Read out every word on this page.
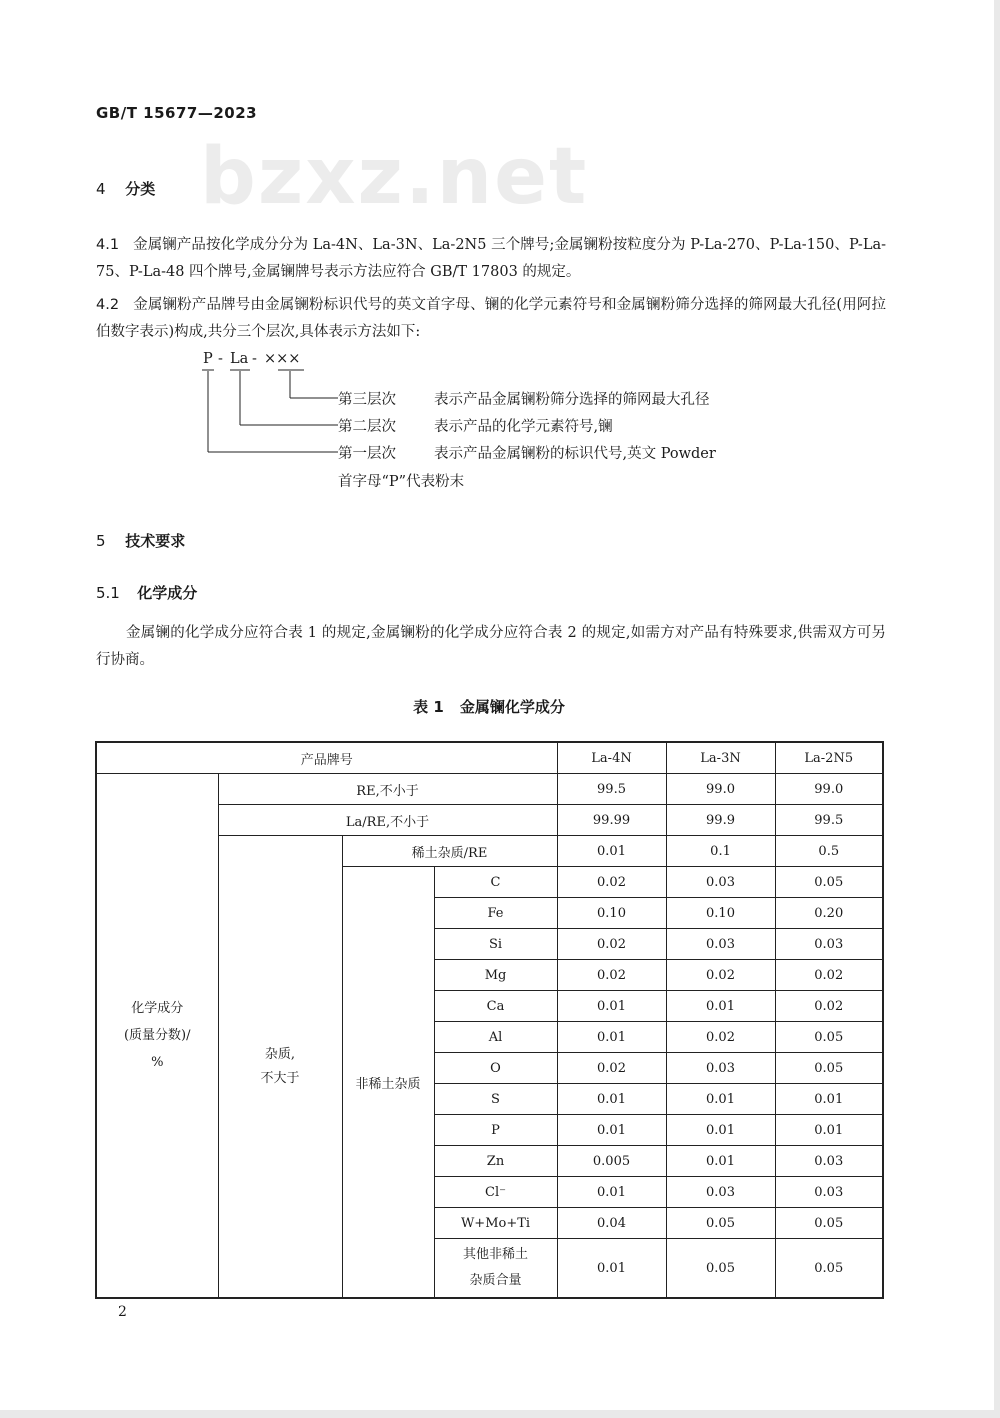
bzxz.net
GB/T 15677—2023
4 分类
4.1 金属镧产品按化学成分分为 La-4N、La-3N、La-2N5 三个牌号;金属镧粉按粒度分为 P-La-270、P-La-150、P-La-75、P-La-48 四个牌号,金属镧牌号表示方法应符合 GB/T 17803 的规定。
4.2 金属镧粉产品牌号由金属镧粉标识代号的英文首字母、镧的化学元素符号和金属镧粉筛分选择的筛网最大孔径(用阿拉伯数字表示)构成,共分三个层次,具体表示方法如下:
P - La - ×××
第三层次	表示产品金属镧粉筛分选择的筛网最大孔径
第二层次	表示产品的化学元素符号,镧
第一层次	表示产品金属镧粉的标识代号,英文 Powder
首字母“P”代表粉末
5 技术要求
5.1 化学成分
金属镧的化学成分应符合表 1 的规定,金属镧粉的化学成分应符合表 2 的规定,如需方对产品有特殊要求,供需双方可另行协商。
表 1 金属镧化学成分
产品牌号				La-4N	La-3N	La-2N5
化学成分
(质量分数)/
%	RE,不小于			99.5	99.0	99.0
	La/RE,不小于			99.99	99.9	99.5
	杂质,
不大于	稀土杂质/RE		0.01	0.1	0.5
		非稀土杂质	C	0.02	0.03	0.05
			Fe	0.10	0.10	0.20
			Si	0.02	0.03	0.03
			Mg	0.02	0.02	0.02
			Ca	0.01	0.01	0.02
			Al	0.01	0.02	0.05
			O	0.02	0.03	0.05
			S	0.01	0.01	0.01
			P	0.01	0.01	0.01
			Zn	0.005	0.01	0.03
			Cl⁻	0.01	0.03	0.03
			W+Mo+Ti	0.04	0.05	0.05
			其他非稀土
杂质合量	0.01	0.05	0.05
2
